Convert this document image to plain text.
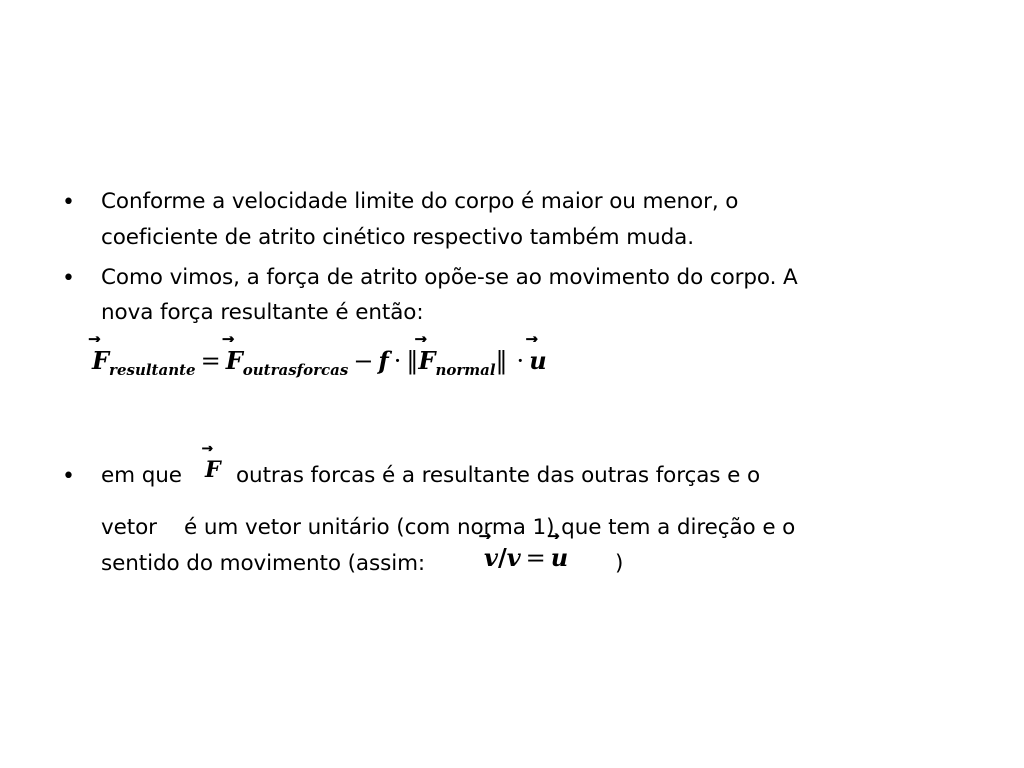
• Conforme a velocidade limite do corpo é maior ou menor, o
coeficiente de atrito cinético respectivo também muda.
• Como vimos, a força de atrito opõe-se ao movimento do corpo. A
nova força resultante é então:
⃗ $F_{resultante}$ = ⃗ $F_{outrasforcas} - f$ · ‖⃗ $F_{normal}‖$ · ⃗ u
• em que ⃗ F outras forcas é a resultante das outras forças e o
vetor é um vetor unitário (com norma 1) que tem a direção e o
sentido do movimento (assim: ⃗ v/v = ⃗ u )
